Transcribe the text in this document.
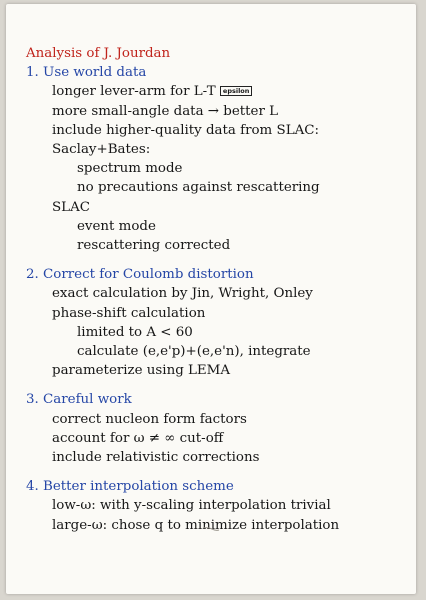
Analysis of J. Jourdan
1. Use world data
longer lever-arm for L-T epsilon
more small-angle data → better L
include higher-quality data from SLAC:
Saclay+Bates:
spectrum mode
no precautions against rescattering
SLAC
event mode
rescattering corrected
2. Correct for Coulomb distortion
exact calculation by Jin, Wright, Onley
phase-shift calculation
limited to A < 60
calculate (e,e'p)+(e,e'n), integrate
parameterize using LEMA
3. Careful work
correct nucleon form factors
account for ω ≠ ∞ cut-off
include relativistic corrections
4. Better interpolation scheme
low-ω: with y-scaling interpolation trivial
large-ω: chose q to minimize interpolation
